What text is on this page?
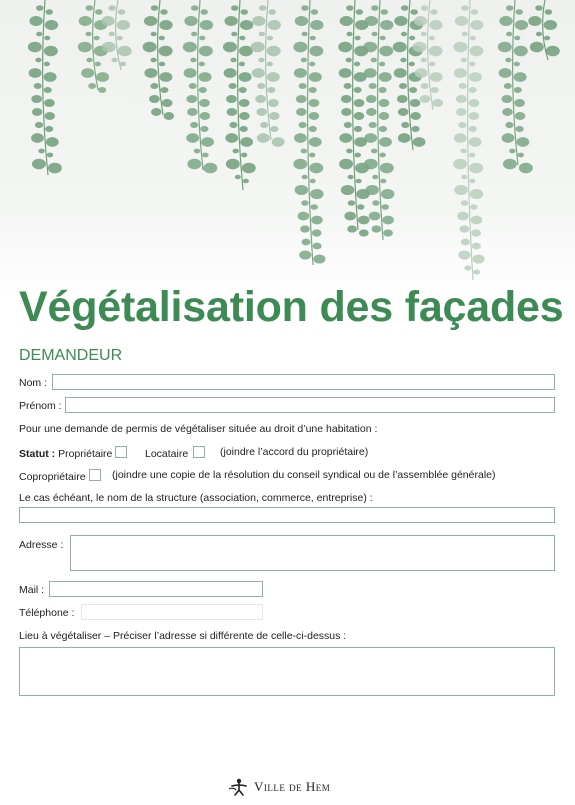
Végétalisation des façades
DEMANDEUR
Nom :
Prénom :
Pour une demande de permis de végétaliser située au droit d’une habitation :
Statut : Propriétaire	Locataire	(joindre l’accord du propriétaire)
Copropriétaire	(joindre une copie de la résolution du conseil syndical ou de l’assemblée générale)
Le cas échéant, le nom de la structure (association, commerce, entreprise) :
Adresse :
Mail :
Téléphone :
Lieu à végétaliser – Préciser l’adresse si différente de celle-ci-dessus :
Ville de Hem
